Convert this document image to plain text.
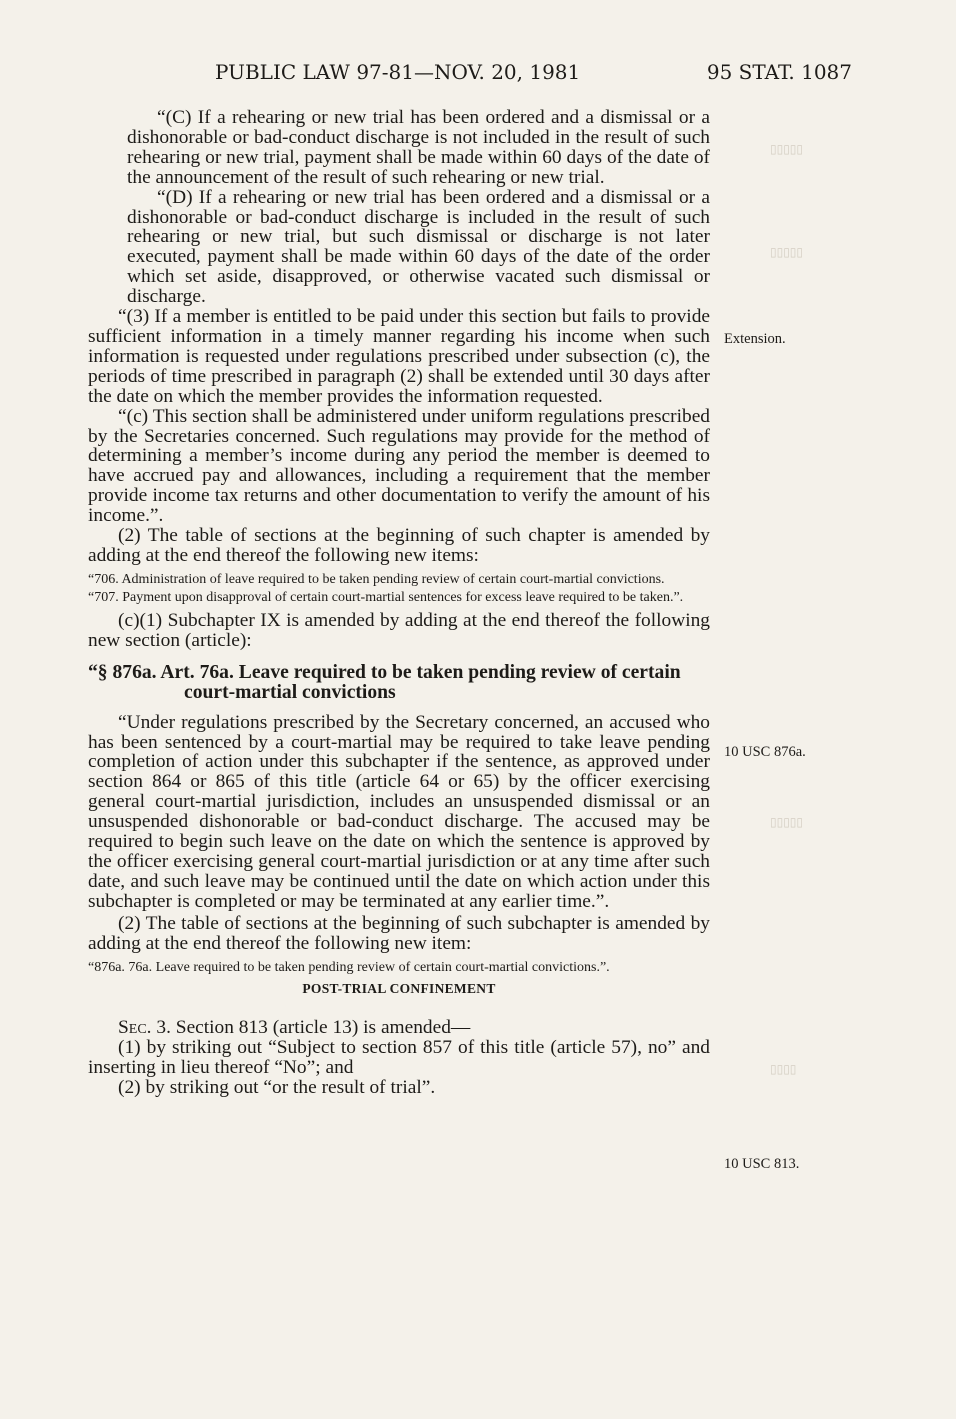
▯▯▯▯▯
▯▯▯▯▯
▯▯▯▯▯
▯▯▯▯
PUBLIC LAW 97-81—NOV. 20, 1981	95 STAT. 1087

“(C) If a rehearing or new trial has been ordered and a dismissal or a dishonorable or bad-conduct discharge is not included in the result of such rehearing or new trial, payment shall be made within 60 days of the date of the announcement of the result of such rehearing or new trial.

“(D) If a rehearing or new trial has been ordered and a dismissal or a dishonorable or bad-conduct discharge is included in the result of such rehearing or new trial, but such dismissal or discharge is not later executed, payment shall be made within 60 days of the date of the order which set aside, disapproved, or otherwise vacated such dismissal or discharge.

“(3) If a member is entitled to be paid under this section but fails to provide sufficient information in a timely manner regarding his income when such information is requested under regulations prescribed under subsection (c), the periods of time prescribed in paragraph (2) shall be extended until 30 days after the date on which the member provides the information requested.

“(c) This section shall be administered under uniform regulations prescribed by the Secretaries concerned. Such regulations may provide for the method of determining a member’s income during any period the member is deemed to have accrued pay and allowances, including a requirement that the member provide income tax returns and other documentation to verify the amount of his income.”.

(2) The table of sections at the beginning of such chapter is amended by adding at the end thereof the following new items:

“706. Administration of leave required to be taken pending review of certain court-martial convictions.

“707. Payment upon disapproval of certain court-martial sentences for excess leave required to be taken.”.

(c)(1) Subchapter IX is amended by adding at the end thereof the following new section (article):

“§ 876a. Art. 76a. Leave required to be taken pending review of certain court-martial convictions

“Under regulations prescribed by the Secretary concerned, an accused who has been sentenced by a court-martial may be required to take leave pending completion of action under this subchapter if the sentence, as approved under section 864 or 865 of this title (article 64 or 65) by the officer exercising general court-martial jurisdiction, includes an unsuspended dismissal or an unsuspended dishonorable or bad-conduct discharge. The accused may be required to begin such leave on the date on which the sentence is approved by the officer exercising general court-martial jurisdiction or at any time after such date, and such leave may be continued until the date on which action under this subchapter is completed or may be terminated at any earlier time.”.

(2) The table of sections at the beginning of such subchapter is amended by adding at the end thereof the following new item:

“876a. 76a. Leave required to be taken pending review of certain court-martial convictions.”.

POST-TRIAL CONFINEMENT

Sec. 3. Section 813 (article 13) is amended—

(1) by striking out “Subject to section 857 of this title (article 57), no” and inserting in lieu thereof “No”; and

(2) by striking out “or the result of trial”.

Extension.
10 USC 876a.
10 USC 813.
